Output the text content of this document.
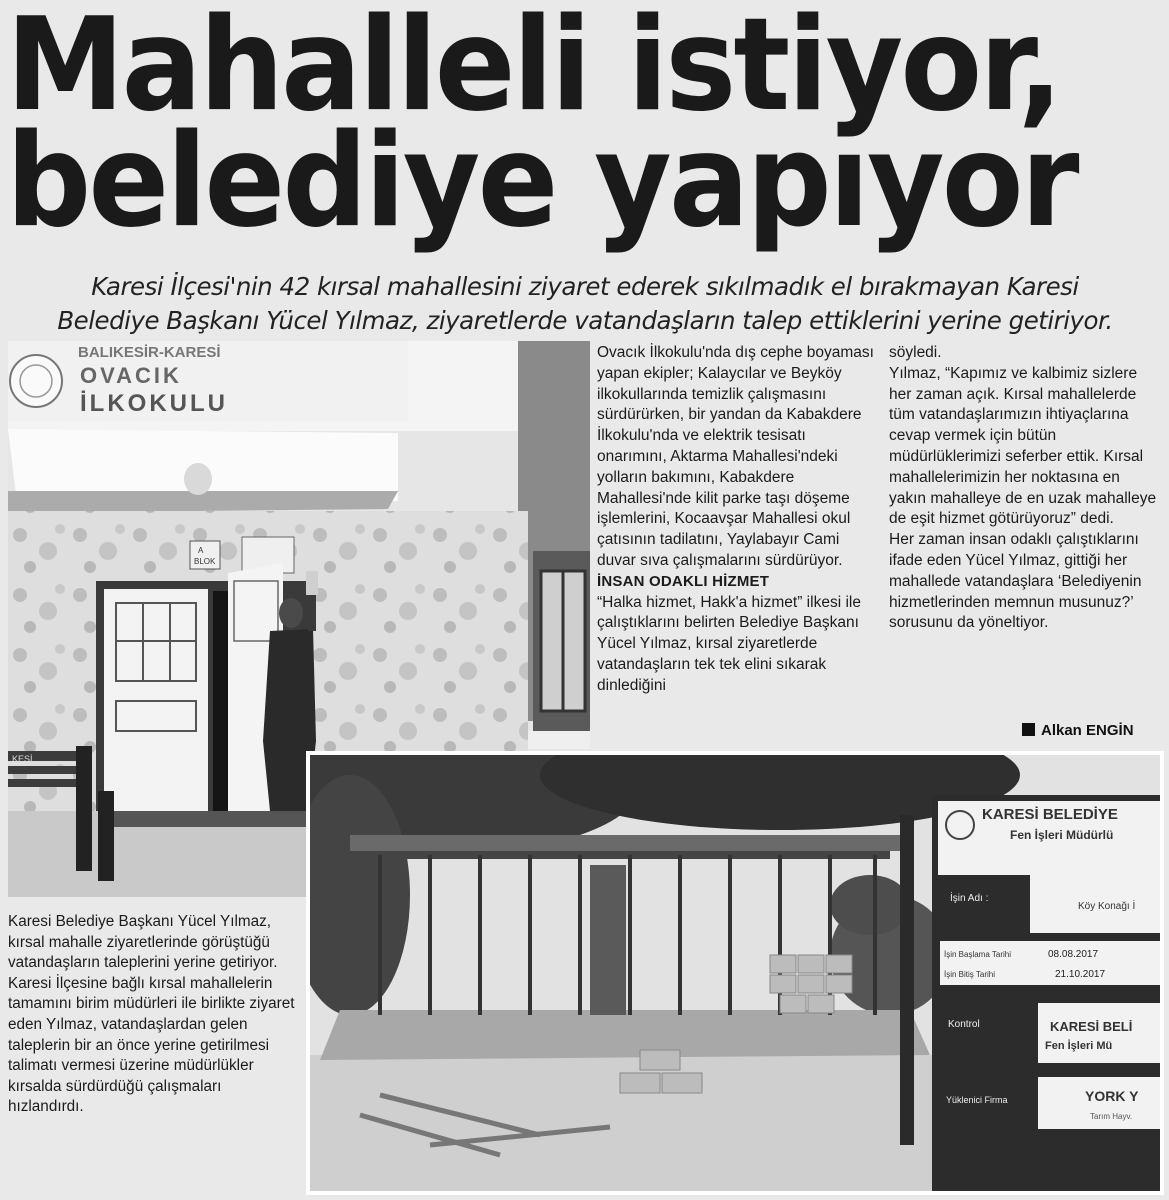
Mahalleli istiyor,
belediye yapıyor
Karesi İlçesi'nin 42 kırsal mahallesini ziyaret ederek sıkılmadık el bırakmayan Karesi
Belediye Başkanı Yücel Yılmaz, ziyaretlerde vatandaşların talep ettiklerini yerine getiriyor.
BALIKESİR-KARESİ
OVACIK
İLKOKULU
A
BLOK
KESİ

Ovacık İlkokulu'nda dış cephe boyaması yapan ekipler; Kalaycılar ve Beyköy ilkokullarında temizlik çalışmasını sürdürürken, bir yandan da Kabakdere İlkokulu'nda ve elektrik tesisatı onarımını, Aktarma Mahallesi'ndeki yolların bakımını, Kabakdere Mahallesi'nde kilit parke taşı döşeme işlemlerini, Kocaavşar Mahallesi okul çatısının tadilatını, Yaylabayır Cami duvar sıva çalışmalarını sürdürüyor.

İNSAN ODAKLI HİZMET

“Halka hizmet, Hakk'a hizmet” ilkesi ile çalıştıklarını belirten Belediye Başkanı Yücel Yılmaz, kırsal ziyaretlerde vatandaşların tek tek elini sıkarak dinlediğini

söyledi.

Yılmaz, “Kapımız ve kalbimiz sizlere her zaman açık. Kırsal mahallelerde tüm vatandaşlarımızın ihtiyaçlarına cevap vermek için bütün müdürlüklerimizi seferber ettik. Kırsal mahallelerimizin her noktasına en yakın mahalleye de en uzak mahalleye de eşit hizmet götürüyoruz” dedi.

Her zaman insan odaklı çalıştıklarını ifade eden Yücel Yılmaz, gittiği her mahallede vatandaşlara ‘Belediyenin hizmetlerinden memnun musunuz?’ sorusunu da yöneltiyor.

Alkan ENGİN

Karesi Belediye Başkanı Yücel Yılmaz, kırsal mahalle ziyaretlerinde görüştüğü vatandaşların taleplerini yerine getiriyor. Karesi İlçesine bağlı kırsal mahallelerin tamamını birim müdürleri ile birlikte ziyaret eden Yılmaz, vatandaşlardan gelen taleplerin bir an önce yerine getirilmesi talimatı vermesi üzerine müdürlükler kırsalda sürdürdüğü çalışmaları hızlandırdı.

KARESİ BELEDİYE
Fen İşleri Müdürlü
İşin Adı :
Köy Konağı İ
İşin Başlama Tarihi	08.08.2017
İşin Bitiş Tarihi	21.10.2017
Kontrol	KARESİ BELİ
Fen İşleri Mü
Yüklenici Firma	YORK Y
Tarım Hayv.
